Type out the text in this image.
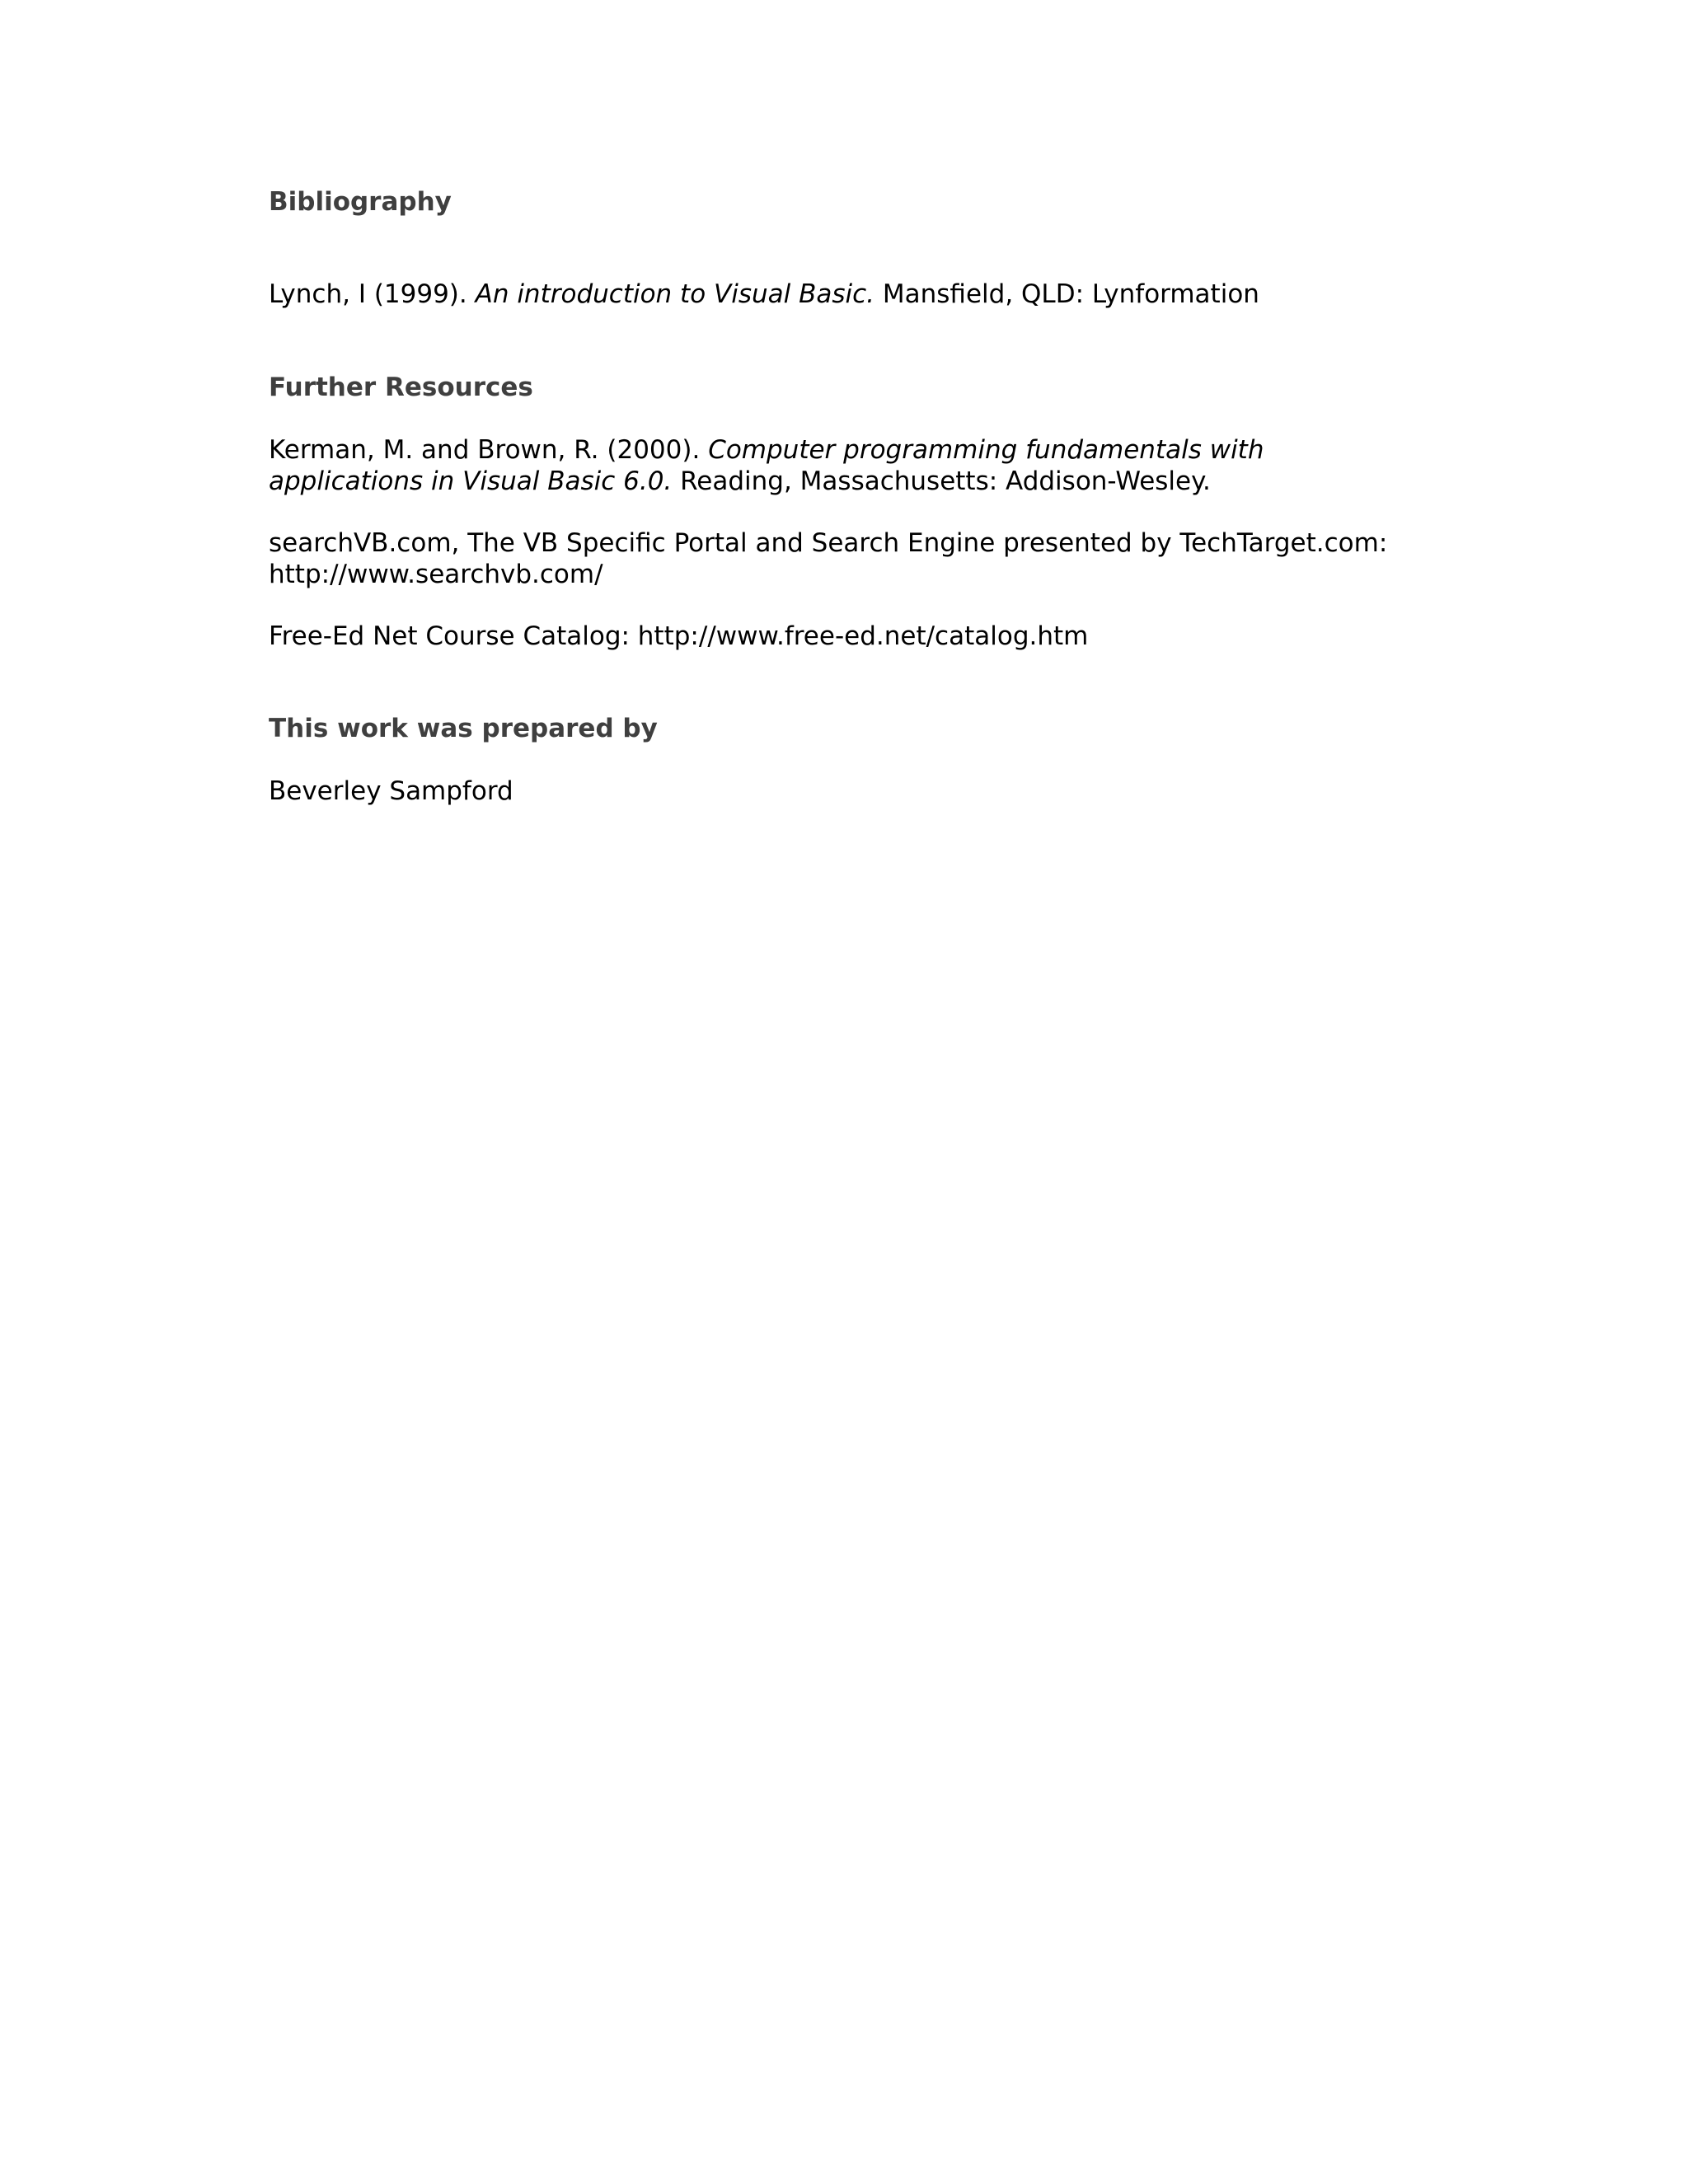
Bibliography
Lynch, I (1999). An introduction to Visual Basic. Mansfield, QLD: Lynformation
Further Resources
Kerman, M. and Brown, R. (2000). Computer programming fundamentals with
applications in Visual Basic 6.0. Reading, Massachusetts: Addison-Wesley.
searchVB.com, The VB Specific Portal and Search Engine presented by TechTarget.com:
http://www.searchvb.com/
Free-Ed Net Course Catalog: http://www.free-ed.net/catalog.htm
This work was prepared by
Beverley Sampford
